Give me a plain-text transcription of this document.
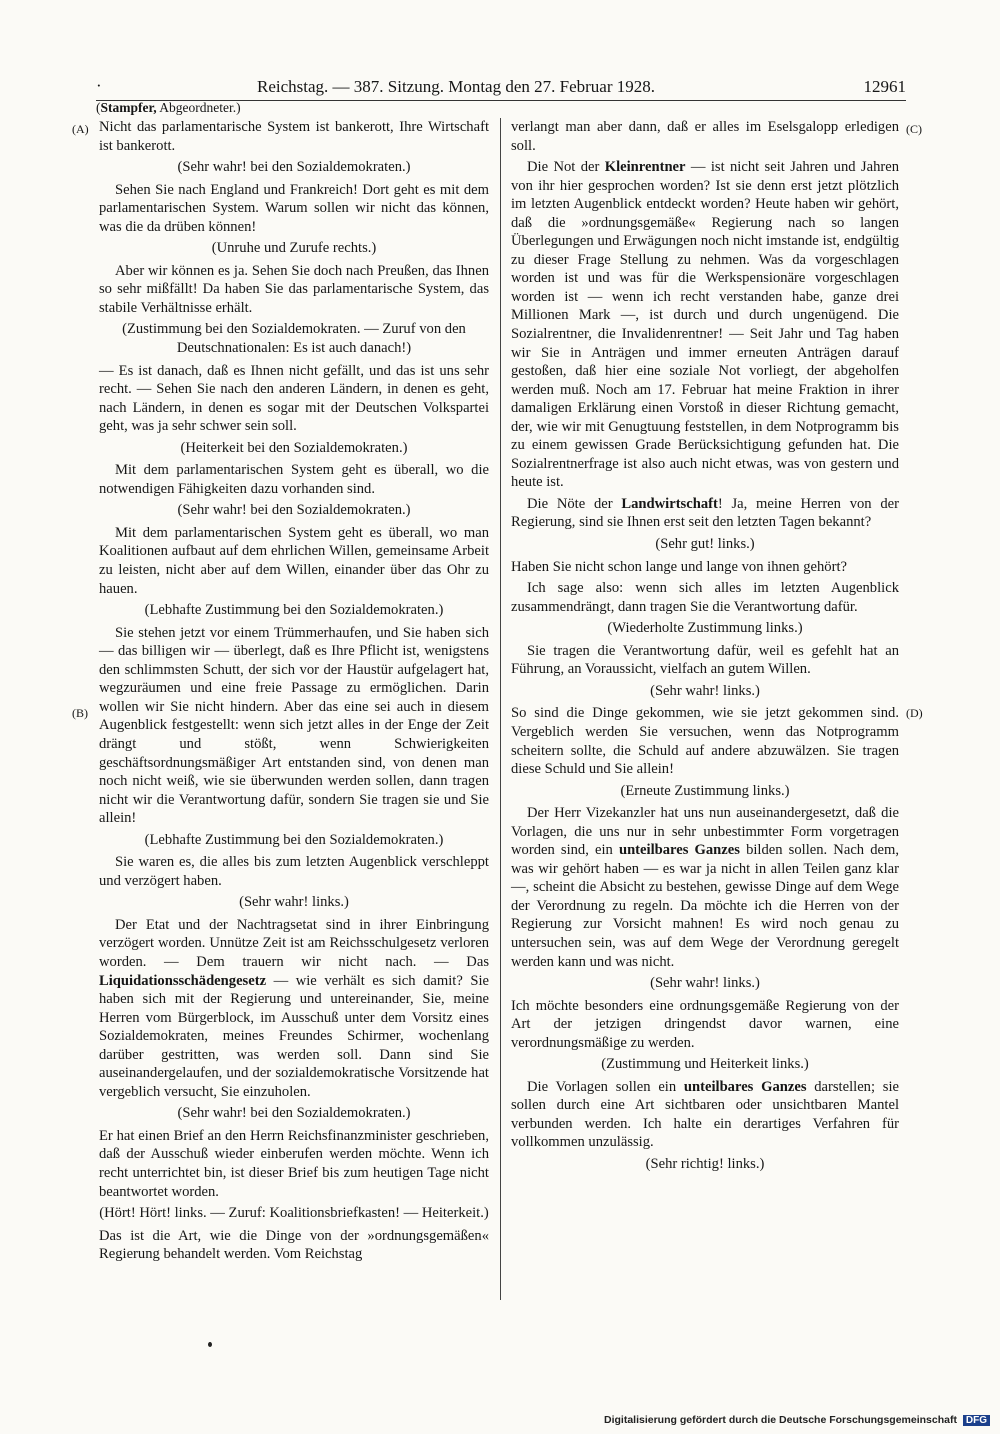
·	Reichstag. — 387. Sitzung. Montag den 27. Februar 1928.	12961
(Stampfer, Abgeordneter.)
(A)
(B)
(C)
(D)

Nicht das parlamentarische System ist bankerott, Ihre Wirtschaft ist bankerott.

(Sehr wahr! bei den Sozialdemokraten.)

Sehen Sie nach England und Frankreich! Dort geht es mit dem parlamentarischen System. Warum sollen wir nicht das können, was die da drüben können!

(Unruhe und Zurufe rechts.)

Aber wir können es ja. Sehen Sie doch nach Preußen, das Ihnen so sehr mißfällt! Da haben Sie das parlamentarische System, das stabile Verhältnisse erhält.

(Zustimmung bei den Sozialdemokraten. — Zuruf von den Deutschnationalen: Es ist auch danach!)

— Es ist danach, daß es Ihnen nicht gefällt, und das ist uns sehr recht. — Sehen Sie nach den anderen Ländern, in denen es geht, nach Ländern, in denen es sogar mit der Deutschen Volkspartei geht, was ja sehr schwer sein soll.

(Heiterkeit bei den Sozialdemokraten.)

Mit dem parlamentarischen System geht es überall, wo die notwendigen Fähigkeiten dazu vorhanden sind.

(Sehr wahr! bei den Sozialdemokraten.)

Mit dem parlamentarischen System geht es überall, wo man Koalitionen aufbaut auf dem ehrlichen Willen, gemeinsame Arbeit zu leisten, nicht aber auf dem Willen, einander über das Ohr zu hauen.

(Lebhafte Zustimmung bei den Sozialdemokraten.)

Sie stehen jetzt vor einem Trümmerhaufen, und Sie haben sich — das billigen wir — überlegt, daß es Ihre Pflicht ist, wenigstens den schlimmsten Schutt, der sich vor der Haustür aufgelagert hat, wegzuräumen und eine freie Passage zu ermöglichen. Darin wollen wir Sie nicht hindern. Aber das eine sei auch in diesem Augenblick festgestellt: wenn sich jetzt alles in der Enge der Zeit drängt und stößt, wenn Schwierigkeiten geschäftsordnungsmäßiger Art entstanden sind, von denen man noch nicht weiß, wie sie überwunden werden sollen, dann tragen nicht wir die Verantwortung dafür, sondern Sie tragen sie und Sie allein!

(Lebhafte Zustimmung bei den Sozialdemokraten.)

Sie waren es, die alles bis zum letzten Augenblick verschleppt und verzögert haben.

(Sehr wahr! links.)

Der Etat und der Nachtragsetat sind in ihrer Einbringung verzögert worden. Unnütze Zeit ist am Reichsschulgesetz verloren worden. — Dem trauern wir nicht nach. — Das Liquidationsschädengesetz — wie verhält es sich damit? Sie haben sich mit der Regierung und untereinander, Sie, meine Herren vom Bürgerblock, im Ausschuß unter dem Vorsitz eines Sozialdemokraten, meines Freundes Schirmer, wochenlang darüber gestritten, was werden soll. Dann sind Sie auseinandergelaufen, und der sozialdemokratische Vorsitzende hat vergeblich versucht, Sie einzuholen.

(Sehr wahr! bei den Sozialdemokraten.)

Er hat einen Brief an den Herrn Reichsfinanzminister geschrieben, daß der Ausschuß wieder einberufen werden möchte. Wenn ich recht unterrichtet bin, ist dieser Brief bis zum heutigen Tage nicht beantwortet worden.

(Hört! Hört! links. — Zuruf: Koalitionsbriefkasten! — Heiterkeit.)

Das ist die Art, wie die Dinge von der »ordnungsgemäßen« Regierung behandelt werden. Vom Reichstag

verlangt man aber dann, daß er alles im Eselsgalopp erledigen soll.

Die Not der Kleinrentner — ist nicht seit Jahren und Jahren von ihr hier gesprochen worden? Ist sie denn erst jetzt plötzlich im letzten Augenblick entdeckt worden? Heute haben wir gehört, daß die »ordnungsgemäße« Regierung nach so langen Überlegungen und Erwägungen noch nicht imstande ist, endgültig zu dieser Frage Stellung zu nehmen. Was da vorgeschlagen worden ist und was für die Werkspensionäre vorgeschlagen worden ist — wenn ich recht verstanden habe, ganze drei Millionen Mark —, ist durch und durch ungenügend. Die Sozialrentner, die Invalidenrentner! — Seit Jahr und Tag haben wir Sie in Anträgen und immer erneuten Anträgen darauf gestoßen, daß hier eine soziale Not vorliegt, der abgeholfen werden muß. Noch am 17. Februar hat meine Fraktion in ihrer damaligen Erklärung einen Vorstoß in dieser Richtung gemacht, der, wie wir mit Genugtuung feststellen, in dem Notprogramm bis zu einem gewissen Grade Berücksichtigung gefunden hat. Die Sozialrentnerfrage ist also auch nicht etwas, was von gestern und heute ist.

Die Nöte der Landwirtschaft! Ja, meine Herren von der Regierung, sind sie Ihnen erst seit den letzten Tagen bekannt?

(Sehr gut! links.)

Haben Sie nicht schon lange und lange von ihnen gehört?

Ich sage also: wenn sich alles im letzten Augenblick zusammendrängt, dann tragen Sie die Verantwortung dafür.

(Wiederholte Zustimmung links.)

Sie tragen die Verantwortung dafür, weil es gefehlt hat an Führung, an Voraussicht, vielfach an gutem Willen.

(Sehr wahr! links.)

So sind die Dinge gekommen, wie sie jetzt gekommen sind. Vergeblich werden Sie versuchen, wenn das Notprogramm scheitern sollte, die Schuld auf andere abzuwälzen. Sie tragen diese Schuld und Sie allein!

(Erneute Zustimmung links.)

Der Herr Vizekanzler hat uns nun auseinandergesetzt, daß die Vorlagen, die uns nur in sehr unbestimmter Form vorgetragen worden sind, ein unteilbares Ganzes bilden sollen. Nach dem, was wir gehört haben — es war ja nicht in allen Teilen ganz klar —, scheint die Absicht zu bestehen, gewisse Dinge auf dem Wege der Verordnung zu regeln. Da möchte ich die Herren von der Regierung zur Vorsicht mahnen! Es wird noch genau zu untersuchen sein, was auf dem Wege der Verordnung geregelt werden kann und was nicht.

(Sehr wahr! links.)

Ich möchte besonders eine ordnungsgemäße Regierung von der Art der jetzigen dringendst davor warnen, eine verordnungsmäßige zu werden.

(Zustimmung und Heiterkeit links.)

Die Vorlagen sollen ein unteilbares Ganzes darstellen; sie sollen durch eine Art sichtbaren oder unsichtbaren Mantel verbunden werden. Ich halte ein derartiges Verfahren für vollkommen unzulässig.

(Sehr richtig! links.)

Digitalisierung gefördert durch die Deutsche Forschungsgemeinschaft DFG
